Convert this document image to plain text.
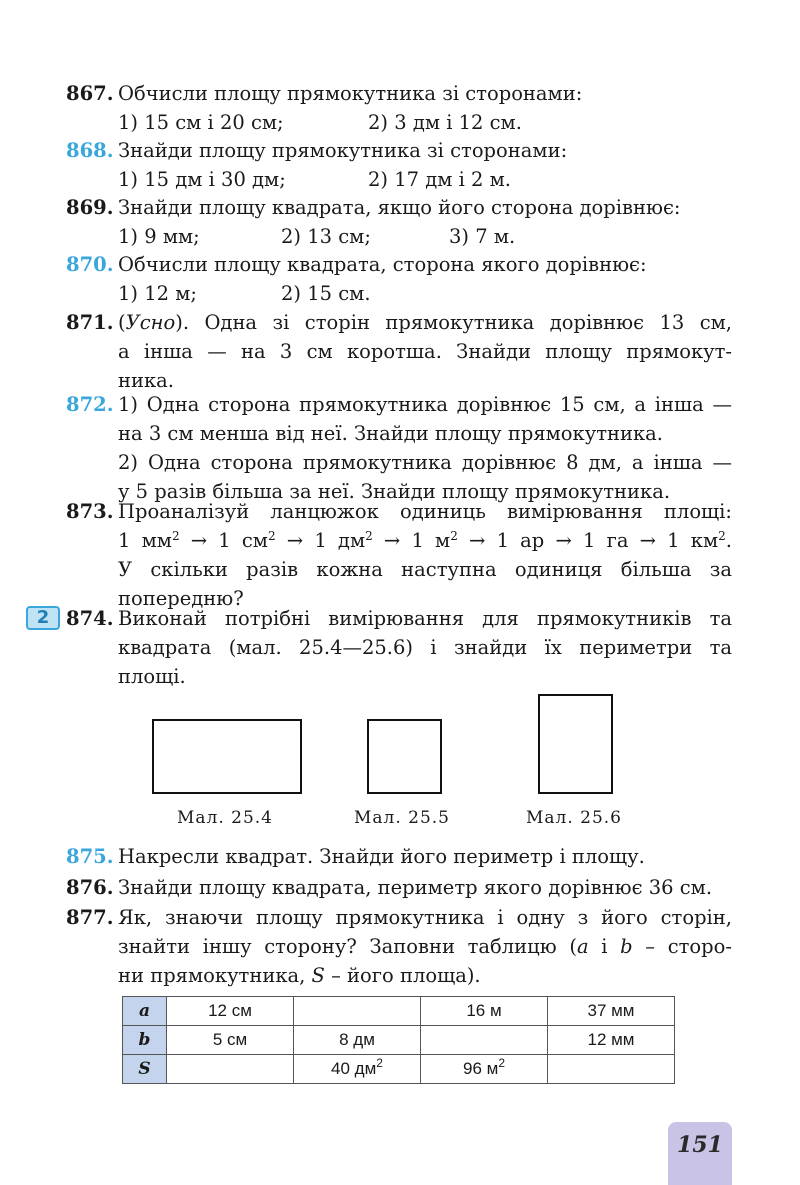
867. Обчисли площу прямокутника зі сторонами:
1) 15 см і 20 см;	2) 3 дм і 12 см.
868. Знайди площу прямокутника зі сторонами:
1) 15 дм і 30 дм;	2) 17 дм і 2 м.
869. Знайди площу квадрата, якщо його сторона дорівнює:
1) 9 мм;	2) 13 см;	3) 7 м.
870. Обчисли площу квадрата, сторона якого дорівнює:
1) 12 м;	2) 15 см.
871. (Усно). Одна зі сторін прямокутника дорівнює 13 см,
а інша — на 3 см коротша. Знайди площу прямокут-
ника.
872. 1) Одна сторона прямокутника дорівнює 15 см, а інша —
на 3 см менша від неї. Знайди площу прямокутника.
2) Одна сторона прямокутника дорівнює 8 дм, а інша —
у 5 разів більша за неї. Знайди площу прямокутника.
873. Проаналізуй ланцюжок одиниць вимірювання площі:
1 $мм^2 \to 1$ $см^2 \to 1$ $дм^2 \to 1$ $м^2 \to 1$ ар → 1 га → 1 $км^2$.
У скільки разів кожна наступна одиниця більша за
попередню?
2 874. Виконай потрібні вимірювання для прямокутників та
квадрата (мал. 25.4—25.6) і знайди їх периметри та
площі.
Мал. 25.4	Мал. 25.5	Мал. 25.6
875. Накресли квадрат. Знайди його периметр і площу.
876. Знайди площу квадрата, периметр якого дорівнює 36 см.
877. Як, знаючи площу прямокутника і одну з його сторін,
знайти іншу сторону? Заповни таблицю (a і b – сторо-
ни прямокутника, S – його площа).
a	12 см		16 м	37 мм
b	5 см	8 дм		12 мм
S		40 $дм^2$	96 $м^2$	
151
